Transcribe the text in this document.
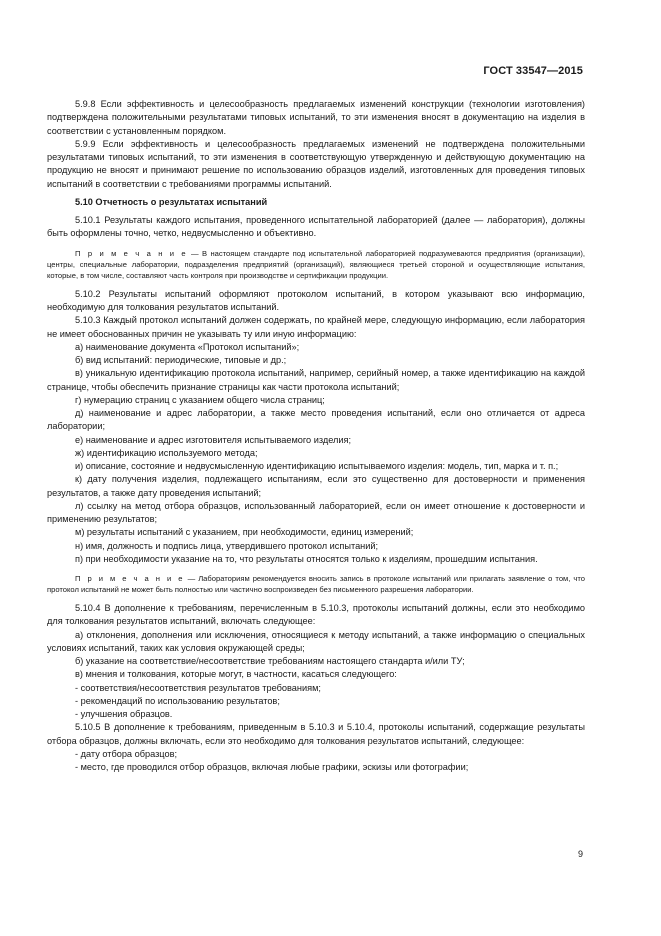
ГОСТ 33547—2015

5.9.8 Если эффективность и целесообразность предлагаемых изменений конструкции (технологии изготовления) подтверждена положительными результатами типовых испытаний, то эти изменения вносят в документацию на изделия в соответствии с установленным порядком.

5.9.9 Если эффективность и целесообразность предлагаемых изменений не подтверждена положительными результатами типовых испытаний, то эти изменения в соответствующую утвержденную и действующую документацию на продукцию не вносят и принимают решение по использованию образцов изделий, изготовленных для проведения типовых испытаний в соответствии с требованиями программы испытаний.

5.10 Отчетность о результатах испытаний

5.10.1 Результаты каждого испытания, проведенного испытательной лабораторией (далее — лаборатория), должны быть оформлены точно, четко, недвусмысленно и объективно.

П р и м е ч а н и е — В настоящем стандарте под испытательной лабораторией подразумеваются предприятия (организации), центры, специальные лаборатории, подразделения предприятий (организаций), являющиеся третьей стороной и осуществляющие испытания, которые, в том числе, составляют часть контроля при производстве и сертификации продукции.

5.10.2 Результаты испытаний оформляют протоколом испытаний, в котором указывают всю информацию, необходимую для толкования результатов испытаний.

5.10.3 Каждый протокол испытаний должен содержать, по крайней мере, следующую информацию, если лаборатория не имеет обоснованных причин не указывать ту или иную информацию:

а) наименование документа «Протокол испытаний»;

б) вид испытаний: периодические, типовые и др.;

в) уникальную идентификацию протокола испытаний, например, серийный номер, а также идентификацию на каждой странице, чтобы обеспечить признание страницы как части протокола испытаний;

г) нумерацию страниц с указанием общего числа страниц;

д) наименование и адрес лаборатории, а также место проведения испытаний, если оно отличается от адреса лаборатории;

е) наименование и адрес изготовителя испытываемого изделия;

ж) идентификацию используемого метода;

и) описание, состояние и недвусмысленную идентификацию испытываемого изделия: модель, тип, марка и т. п.;

к) дату получения изделия, подлежащего испытаниям, если это существенно для достоверности и применения результатов, а также дату проведения испытаний;

л) ссылку на метод отбора образцов, использованный лабораторией, если он имеет отношение к достоверности и применению результатов;

м) результаты испытаний с указанием, при необходимости, единиц измерений;

н) имя, должность и подпись лица, утвердившего протокол испытаний;

п) при необходимости указание на то, что результаты относятся только к изделиям, прошедшим испытания.

П р и м е ч а н и е — Лабораториям рекомендуется вносить запись в протоколе испытаний или прилагать заявление о том, что протокол испытаний не может быть полностью или частично воспроизведен без письменного разрешения лаборатории.

5.10.4 В дополнение к требованиям, перечисленным в 5.10.3, протоколы испытаний должны, если это необходимо для толкования результатов испытаний, включать следующее:

а) отклонения, дополнения или исключения, относящиеся к методу испытаний, а также информацию о специальных условиях испытаний, таких как условия окружающей среды;

б) указание на соответствие/несоответствие требованиям настоящего стандарта и/или ТУ;

в) мнения и толкования, которые могут, в частности, касаться следующего:

- соответствия/несоответствия результатов требованиям;

- рекомендаций по использованию результатов;

- улучшения образцов.

5.10.5 В дополнение к требованиям, приведенным в 5.10.3 и 5.10.4, протоколы испытаний, содержащие результаты отбора образцов, должны включать, если это необходимо для толкования результатов испытаний, следующее:

- дату отбора образцов;

- место, где проводился отбор образцов, включая любые графики, эскизы или фотографии;

9
